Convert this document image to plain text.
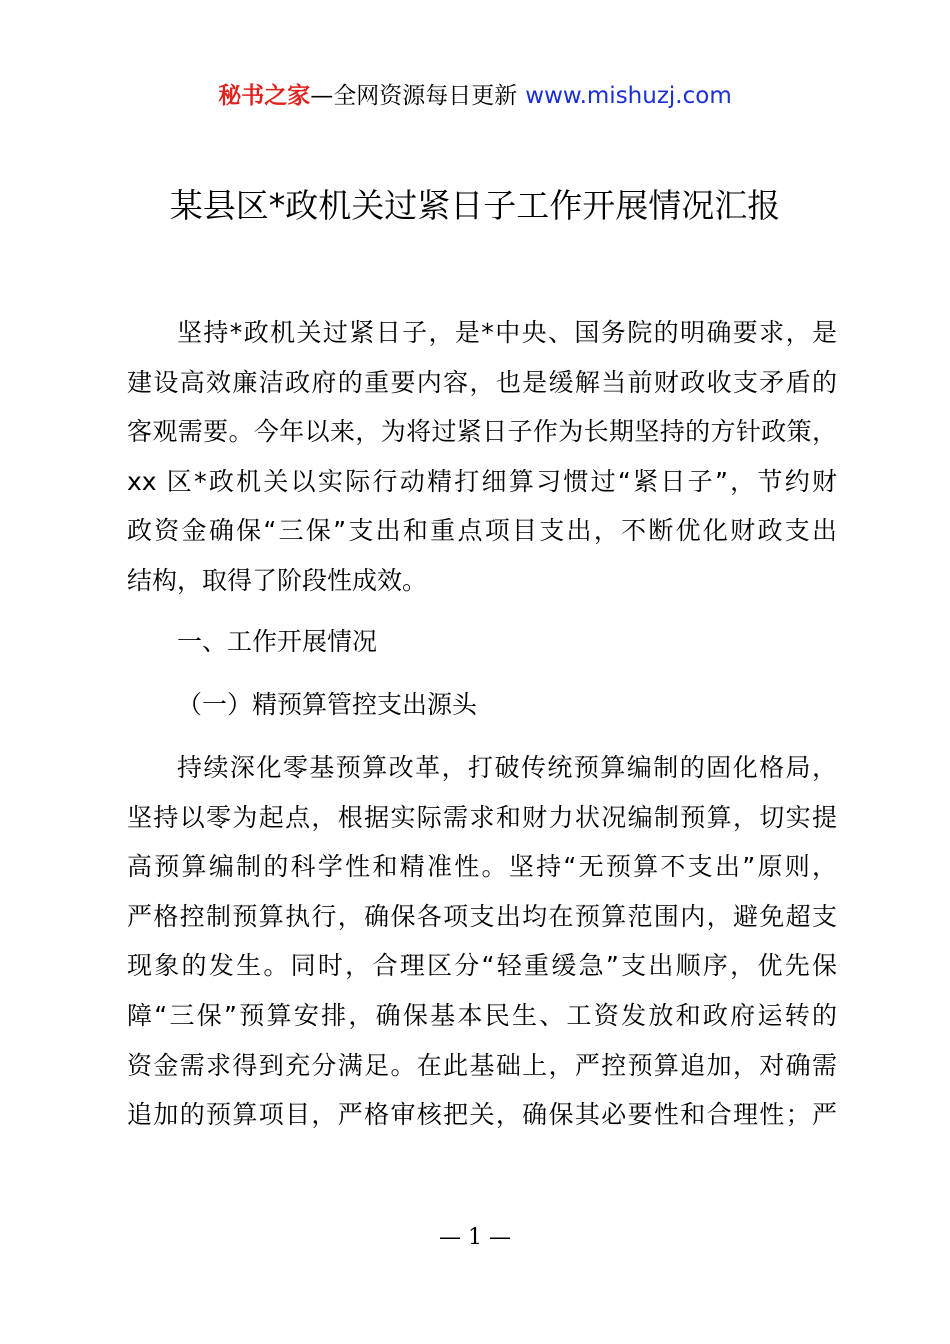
秘书之家—全网资源每日更新 www.mishuzj.com
某县区*政机关过紧日子工作开展情况汇报
坚持*政机关过紧日子，是*中央、国务院的明确要求，是
建设高效廉洁政府的重要内容，也是缓解当前财政收支矛盾的
客观需要。今年以来，为将过紧日子作为长期坚持的方针政策，
xx 区*政机关以实际行动精打细算习惯过“紧日子”，节约财
政资金确保“三保”支出和重点项目支出，不断优化财政支出
结构，取得了阶段性成效。
一、工作开展情况
（一）精预算管控支出源头
持续深化零基预算改革，打破传统预算编制的固化格局，
坚持以零为起点，根据实际需求和财力状况编制预算，切实提
高预算编制的科学性和精准性。坚持“无预算不支出”原则，
严格控制预算执行，确保各项支出均在预算范围内，避免超支
现象的发生。同时，合理区分“轻重缓急”支出顺序，优先保
障“三保”预算安排，确保基本民生、工资发放和政府运转的
资金需求得到充分满足。在此基础上，严控预算追加，对确需
追加的预算项目，严格审核把关，确保其必要性和合理性；严
— 1 —
